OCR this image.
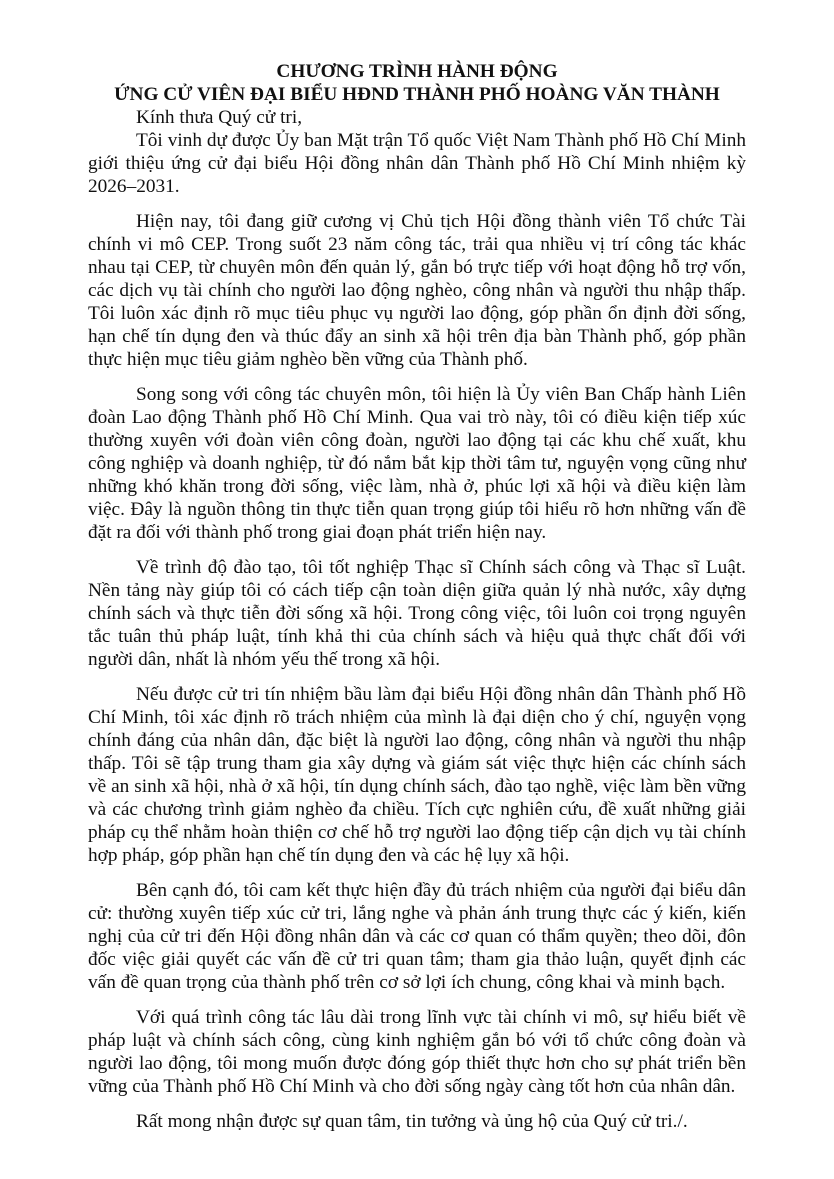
CHƯƠNG TRÌNH HÀNH ĐỘNG

ỨNG CỬ VIÊN ĐẠI BIỂU HĐND THÀNH PHỐ HOÀNG VĂN THÀNH

Kính thưa Quý cử tri,

Tôi vinh dự được Ủy ban Mặt trận Tổ quốc Việt Nam Thành phố Hồ Chí Minh giới thiệu ứng cử đại biểu Hội đồng nhân dân Thành phố Hồ Chí Minh nhiệm kỳ 2026–2031.

Hiện nay, tôi đang giữ cương vị Chủ tịch Hội đồng thành viên Tổ chức Tài chính vi mô CEP. Trong suốt 23 năm công tác, trải qua nhiều vị trí công tác khác nhau tại CEP, từ chuyên môn đến quản lý, gắn bó trực tiếp với hoạt động hỗ trợ vốn, các dịch vụ tài chính cho người lao động nghèo, công nhân và người thu nhập thấp. Tôi luôn xác định rõ mục tiêu phục vụ người lao động, góp phần ổn định đời sống, hạn chế tín dụng đen và thúc đẩy an sinh xã hội trên địa bàn Thành phố, góp phần thực hiện mục tiêu giảm nghèo bền vững của Thành phố.

Song song với công tác chuyên môn, tôi hiện là Ủy viên Ban Chấp hành Liên đoàn Lao động Thành phố Hồ Chí Minh. Qua vai trò này, tôi có điều kiện tiếp xúc thường xuyên với đoàn viên công đoàn, người lao động tại các khu chế xuất, khu công nghiệp và doanh nghiệp, từ đó nắm bắt kịp thời tâm tư, nguyện vọng cũng như những khó khăn trong đời sống, việc làm, nhà ở, phúc lợi xã hội và điều kiện làm việc. Đây là nguồn thông tin thực tiễn quan trọng giúp tôi hiểu rõ hơn những vấn đề đặt ra đối với thành phố trong giai đoạn phát triển hiện nay.

Về trình độ đào tạo, tôi tốt nghiệp Thạc sĩ Chính sách công và Thạc sĩ Luật. Nền tảng này giúp tôi có cách tiếp cận toàn diện giữa quản lý nhà nước, xây dựng chính sách và thực tiễn đời sống xã hội. Trong công việc, tôi luôn coi trọng nguyên tắc tuân thủ pháp luật, tính khả thi của chính sách và hiệu quả thực chất đối với người dân, nhất là nhóm yếu thế trong xã hội.

Nếu được cử tri tín nhiệm bầu làm đại biểu Hội đồng nhân dân Thành phố Hồ Chí Minh, tôi xác định rõ trách nhiệm của mình là đại diện cho ý chí, nguyện vọng chính đáng của nhân dân, đặc biệt là người lao động, công nhân và người thu nhập thấp. Tôi sẽ tập trung tham gia xây dựng và giám sát việc thực hiện các chính sách về an sinh xã hội, nhà ở xã hội, tín dụng chính sách, đào tạo nghề, việc làm bền vững và các chương trình giảm nghèo đa chiều. Tích cực nghiên cứu, đề xuất những giải pháp cụ thể nhằm hoàn thiện cơ chế hỗ trợ người lao động tiếp cận dịch vụ tài chính hợp pháp, góp phần hạn chế tín dụng đen và các hệ lụy xã hội.

Bên cạnh đó, tôi cam kết thực hiện đầy đủ trách nhiệm của người đại biểu dân cử: thường xuyên tiếp xúc cử tri, lắng nghe và phản ánh trung thực các ý kiến, kiến nghị của cử tri đến Hội đồng nhân dân và các cơ quan có thẩm quyền; theo dõi, đôn đốc việc giải quyết các vấn đề cử tri quan tâm; tham gia thảo luận, quyết định các vấn đề quan trọng của thành phố trên cơ sở lợi ích chung, công khai và minh bạch.

Với quá trình công tác lâu dài trong lĩnh vực tài chính vi mô, sự hiểu biết về pháp luật và chính sách công, cùng kinh nghiệm gắn bó với tổ chức công đoàn và người lao động, tôi mong muốn được đóng góp thiết thực hơn cho sự phát triển bền vững của Thành phố Hồ Chí Minh và cho đời sống ngày càng tốt hơn của nhân dân.

Rất mong nhận được sự quan tâm, tin tưởng và ủng hộ của Quý cử tri./.
